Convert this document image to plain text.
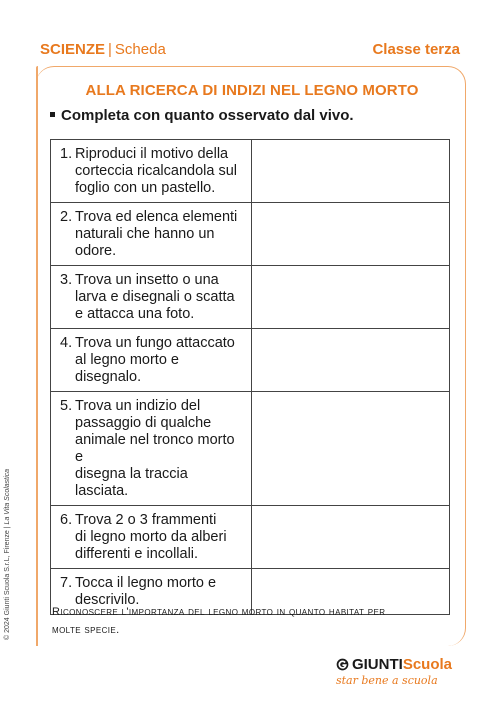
SCIENZE | Scheda	Classe terza
ALLA RICERCA DI INDIZI NEL LEGNO MORTO
Completa con quanto osservato dal vivo.
1. Riproduci il motivo della
corteccia ricalcandola sul
foglio con un pastello.	

2. Trova ed elenca elementi
naturali che hanno un
odore.	

3. Trova un insetto o una
larva e disegnali o scatta
e attacca una foto.	

4. Trova un fungo attaccato
al legno morto e
disegnalo.	

5. Trova un indizio del
passaggio di qualche
animale nel tronco morto e
disegna la traccia lasciata.	

6. Trova 2 o 3 frammenti
di legno morto da alberi
differenti e incollali.	

7. Tocca il legno morto e
descrivilo.	

Riconoscere l'importanza del legno morto in quanto habitat per
molte specie.
© 2024 Giunti Scuola S.r.L, Firenze | La Vita Scolastica
GIUNTI Scuola
star bene a scuola
